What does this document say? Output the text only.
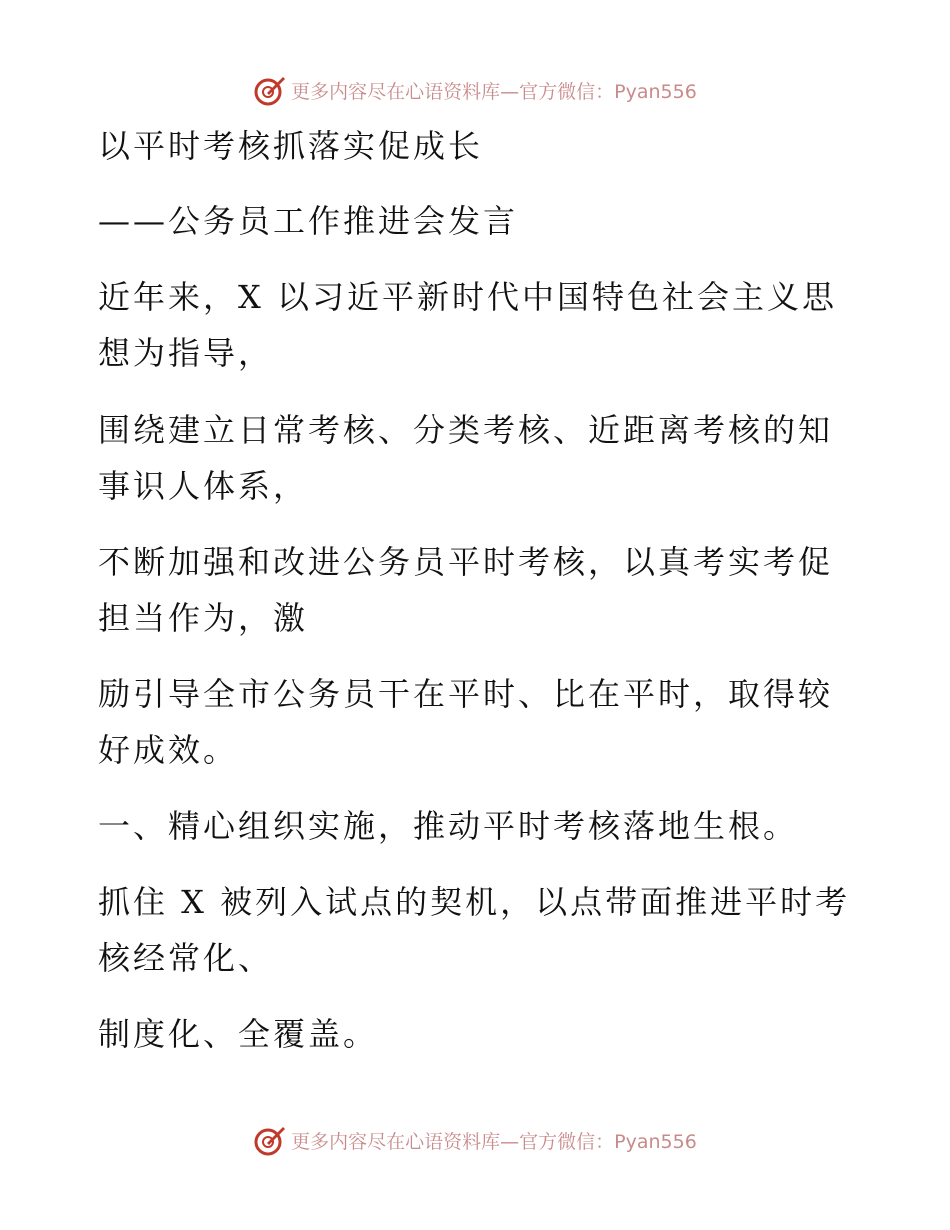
更多内容尽在心语资料库—官方微信：Pyan556
以平时考核抓落实促成长
——公务员工作推进会发言
近年来，X 以习近平新时代中国特色社会主义思
想为指导，
围绕建立日常考核、分类考核、近距离考核的知
事识人体系，
不断加强和改进公务员平时考核，以真考实考促
担当作为，激
励引导全市公务员干在平时、比在平时，取得较
好成效。
一、精心组织实施，推动平时考核落地生根。
抓住 X 被列入试点的契机，以点带面推进平时考
核经常化、
制度化、全覆盖。
更多内容尽在心语资料库—官方微信：Pyan556
